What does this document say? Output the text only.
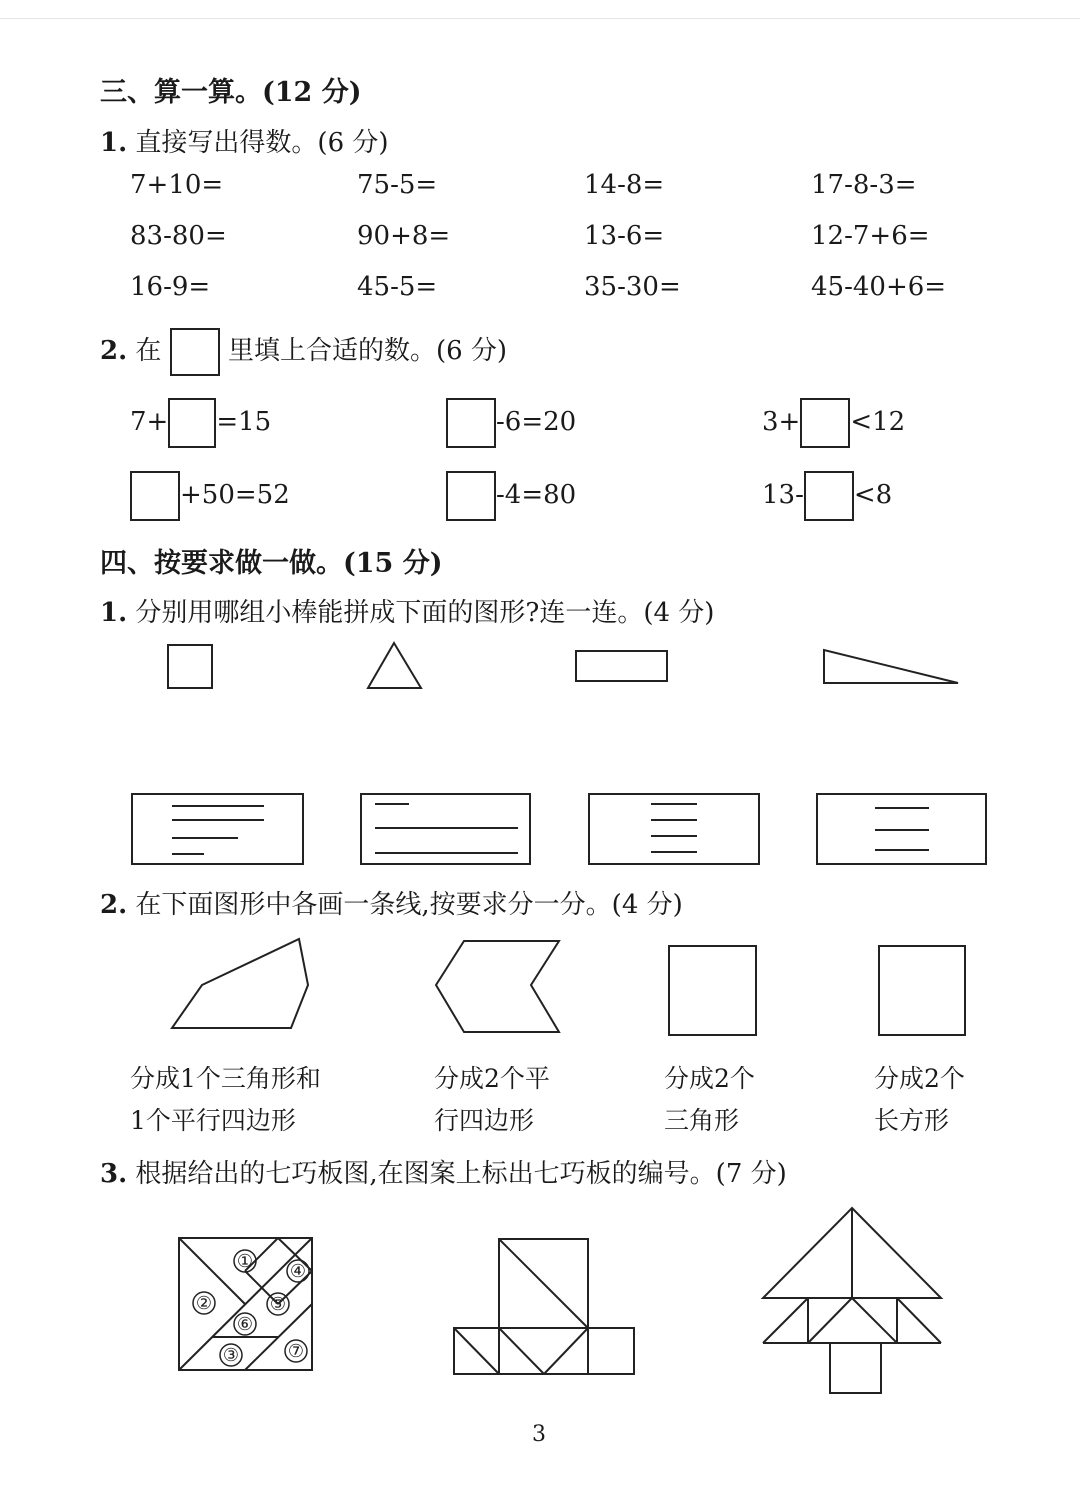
三、算一算。(12 分)
1. 直接写出得数。(6 分)
7+10=	75-5=	14-8=	17-8-3=
83-80=	90+8=	13-6=	12-7+6=
16-9=	45-5=	35-30=	45-40+6=
2. 在	里填上合适的数。(6 分)
7+ =15	-6=20	3+ <12
+50=52	-4=80	13- <8
四、按要求做一做。(15 分)
1. 分别用哪组小棒能拼成下面的图形?连一连。(4 分)
①
②
③
④
⑤
⑥
⑦
2. 在下面图形中各画一条线,按要求分一分。(4 分)
分成1个三角形和
1个平行四边形
分成2个平
行四边形
分成2个
三角形
分成2个
长方形
3. 根据给出的七巧板图,在图案上标出七巧板的编号。(7 分)
3
